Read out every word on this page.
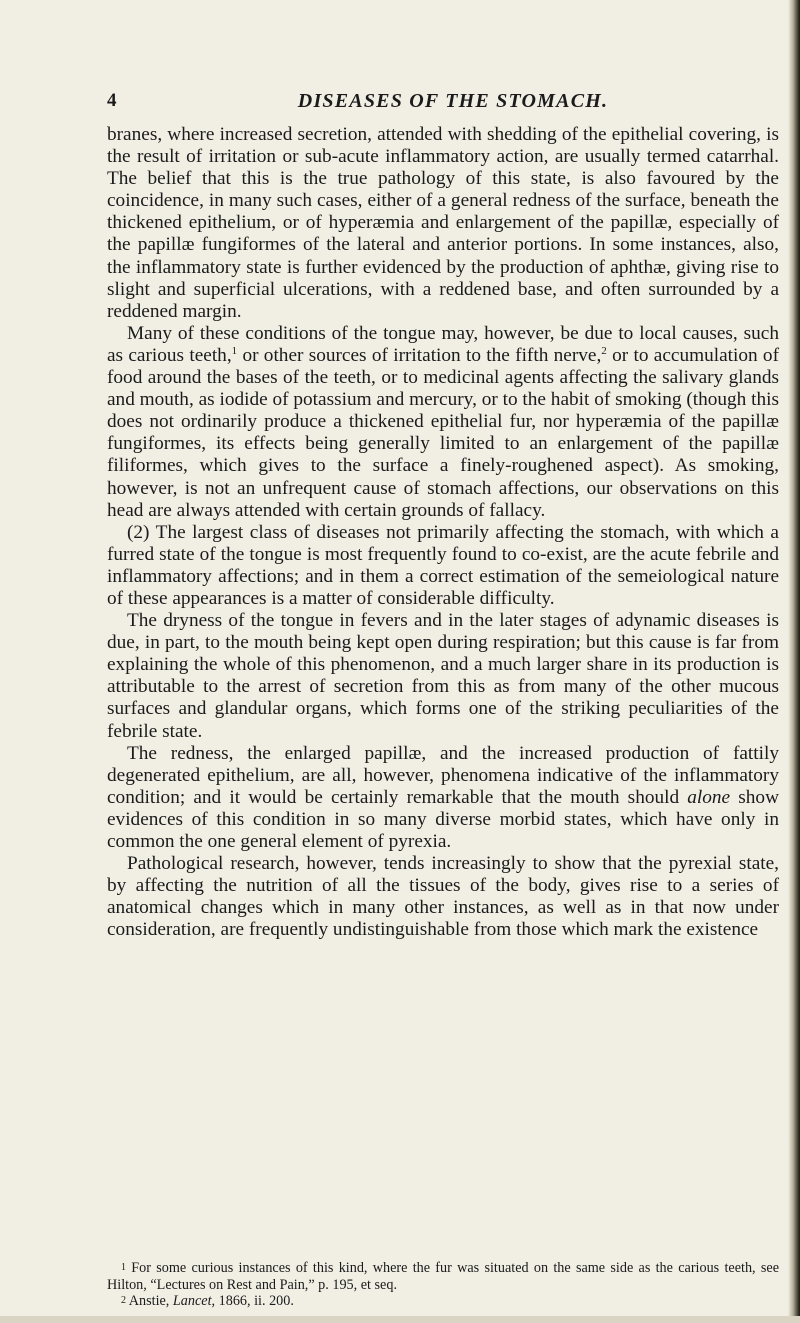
4	DISEASES OF THE STOMACH.

branes, where increased secretion, attended with shedding of the epithelial covering, is the result of irritation or sub-acute inflammatory action, are usually termed catarrhal. The belief that this is the true pathology of this state, is also favoured by the coincidence, in many such cases, either of a general redness of the surface, beneath the thickened epithelium, or of hyperæmia and enlargement of the papillæ, especially of the papillæ fungiformes of the lateral and anterior portions. In some instances, also, the inflammatory state is further evidenced by the production of aphthæ, giving rise to slight and superficial ulcerations, with a reddened base, and often surrounded by a reddened margin.

Many of these conditions of the tongue may, however, be due to local causes, such as carious teeth,$^1$ or other sources of irritation to the fifth nerve,$^2$ or to accumulation of food around the bases of the teeth, or to medicinal agents affecting the salivary glands and mouth, as iodide of potassium and mercury, or to the habit of smoking (though this does not ordinarily produce a thickened epithelial fur, nor hyperæmia of the papillæ fungiformes, its effects being generally limited to an enlargement of the papillæ filiformes, which gives to the surface a finely-roughened aspect). As smoking, however, is not an unfrequent cause of stomach affections, our observations on this head are always attended with certain grounds of fallacy.

(2) The largest class of diseases not primarily affecting the stomach, with which a furred state of the tongue is most frequently found to co-exist, are the acute febrile and inflammatory affections; and in them a correct estimation of the semeiological nature of these appearances is a matter of considerable difficulty.

The dryness of the tongue in fevers and in the later stages of adynamic diseases is due, in part, to the mouth being kept open during respiration; but this cause is far from explaining the whole of this phenomenon, and a much larger share in its production is attributable to the arrest of secretion from this as from many of the other mucous surfaces and glandular organs, which forms one of the striking peculiarities of the febrile state.

The redness, the enlarged papillæ, and the increased production of fattily degenerated epithelium, are all, however, phenomena indicative of the inflammatory condition; and it would be certainly remarkable that the mouth should alone show evidences of this condition in so many diverse morbid states, which have only in common the one general element of pyrexia.

Pathological research, however, tends increasingly to show that the pyrexial state, by affecting the nutrition of all the tissues of the body, gives rise to a series of anatomical changes which in many other instances, as well as in that now under consideration, are frequently undistinguishable from those which mark the existence

1 For some curious instances of this kind, where the fur was situated on the same side as the carious teeth, see Hilton, “Lectures on Rest and Pain,” p. 195, et seq.

2 Anstie, Lancet, 1866, ii. 200.
